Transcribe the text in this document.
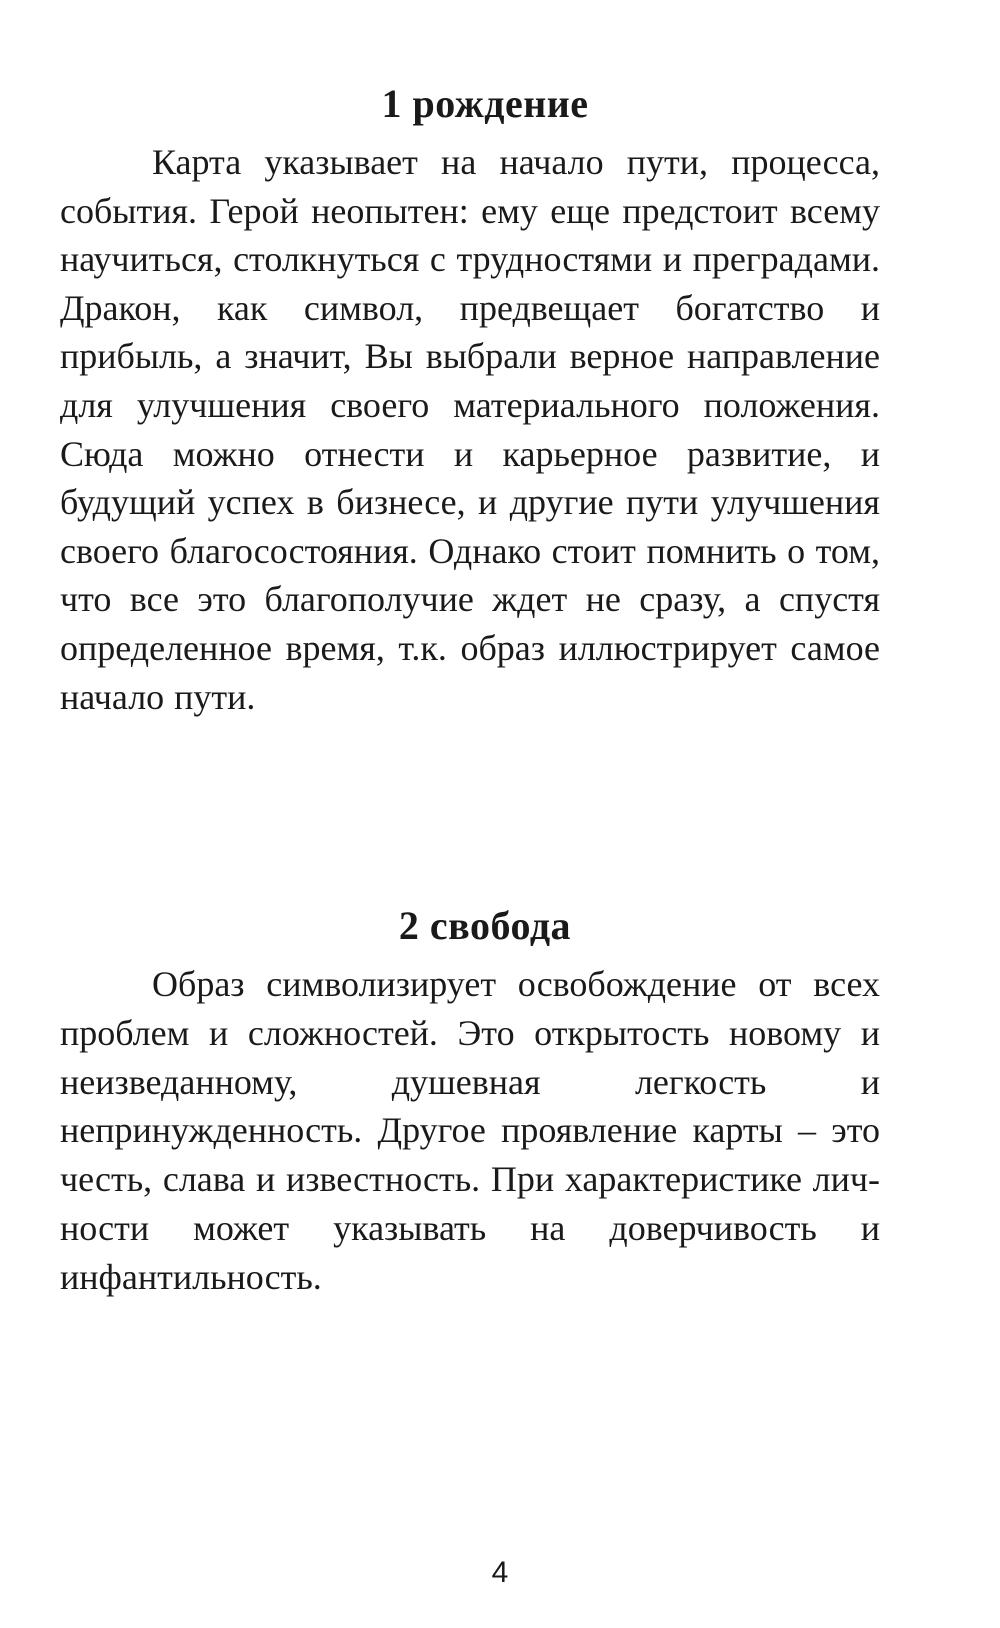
1 рождение

Карта указывает на начало пути, процесса, события. Герой неопытен: ему еще предстоит всему научиться, столкнуться с трудностями и преградами. Дракон, как символ, предвещает богатство и прибыль, а значит, Вы выбрали верное направление для улучшения своего материального положения. Сюда можно отнести и карьерное развитие, и будущий успех в бизнесе, и другие пути улучшения своего благосостояния. Однако стоит помнить о том, что все это благополучие ждет не сразу, а спустя определенное время, т.к. образ иллюстрирует самое начало пути.

2 свобода

Образ символизирует освобождение от всех проблем и сложностей. Это открытость новому и неизведанному, душевная легкость и непринужденность. Другое проявление карты – это честь, слава и известность. При характеристике личности может указывать на доверчивость и инфантильность.

4
